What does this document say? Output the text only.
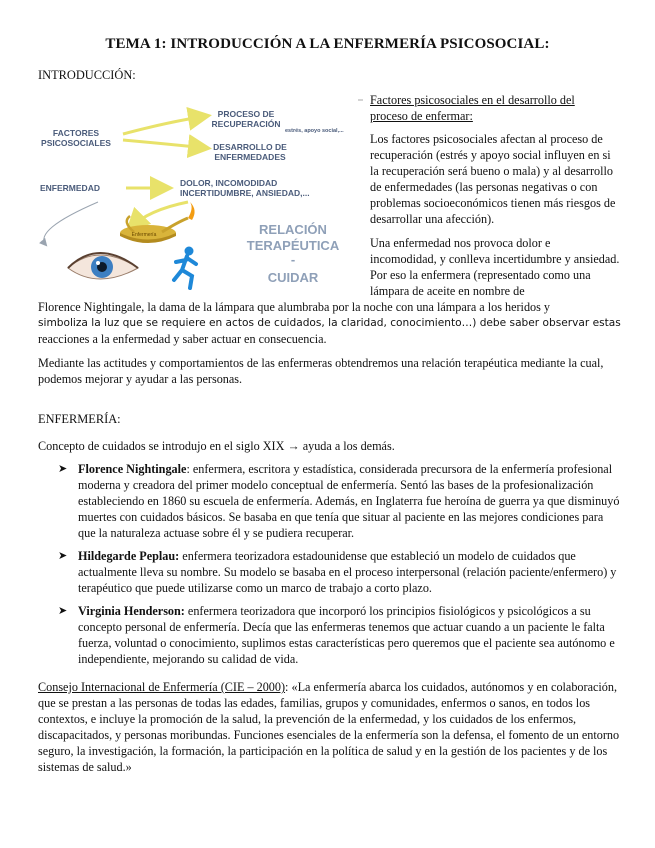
TEMA 1: INTRODUCCIÓN A LA ENFERMERÍA PSICOSOCIAL:
INTRODUCCIÓN:
FACTORES
PSICOSOCIALES
PROCESO DE
RECUPERACIÓN
estrés, apoyo social,...
DESARROLLO DE
ENFERMEDADES
ENFERMEDAD	DOLOR, INCOMODIDAD
INCERTIDUMBRE, ANSIEDAD,...
Enfermería	RELACIÓN
TERAPÉUTICA
-
CUIDAR

Factores psicosociales en el desarrollo del proceso de enfermar:

Los factores psicosociales afectan al proceso de recuperación (estrés y apoyo social influyen en si la recuperación será bueno o mala) y al desarrollo de enfermedades (las personas negativas o con problemas socioeconómicos tienen más riesgos de desarrollar una afección).

Una enfermedad nos provoca dolor e incomodidad, y conlleva incertidumbre y ansiedad. Por eso la enfermera (representado como una lámpara de aceite en nombre de

Florence Nightingale, la dama de la lámpara que alumbraba por la noche con una lámpara a los heridos y

simboliza la luz que se requiere en actos de cuidados, la claridad, conocimiento…) debe saber observar estas

reacciones a la enfermedad y saber actuar en consecuencia.

Mediante las actitudes y comportamientos de las enfermeras obtendremos una relación terapéutica mediante la cual, podemos mejorar y ayudar a las personas.

ENFERMERÍA:

Concepto de cuidados se introdujo en el siglo XIX → ayuda a los demás.

➤ Florence Nightingale: enfermera, escritora y estadística, considerada precursora de la enfermería profesional moderna y creadora del primer modelo conceptual de enfermería. Sentó las bases de la profesionalización estableciendo en 1860 su escuela de enfermería. Además, en Inglaterra fue heroína de guerra ya que disminuyó muertes con cuidados básicos. Se basaba en que tenía que situar al paciente en las mejores condiciones para que la naturaleza actuase sobre él y se pudiera recuperar.
➤ Hildegarde Peplau: enfermera teorizadora estadounidense que estableció un modelo de cuidados que actualmente lleva su nombre. Su modelo se basaba en el proceso interpersonal (relación paciente/enfermero) y terapéutico que puede utilizarse como un marco de trabajo a corto plazo.
➤ Virginia Henderson: enfermera teorizadora que incorporó los principios fisiológicos y psicológicos a su concepto personal de enfermería. Decía que las enfermeras tenemos que actuar cuando a un paciente le falta fuerza, voluntad o conocimiento, suplimos estas características pero queremos que el paciente sea autónomo e independiente, mejorando su calidad de vida.

Consejo Internacional de Enfermería (CIE – 2000): «La enfermería abarca los cuidados, autónomos y en colaboración, que se prestan a las personas de todas las edades, familias, grupos y comunidades, enfermos o sanos, en todos los contextos, e incluye la promoción de la salud, la prevención de la enfermedad, y los cuidados de los enfermos, discapacitados, y personas moribundas. Funciones esenciales de la enfermería son la defensa, el fomento de un entorno seguro, la investigación, la formación, la participación en la política de salud y en la gestión de los pacientes y de los sistemas de salud.»
